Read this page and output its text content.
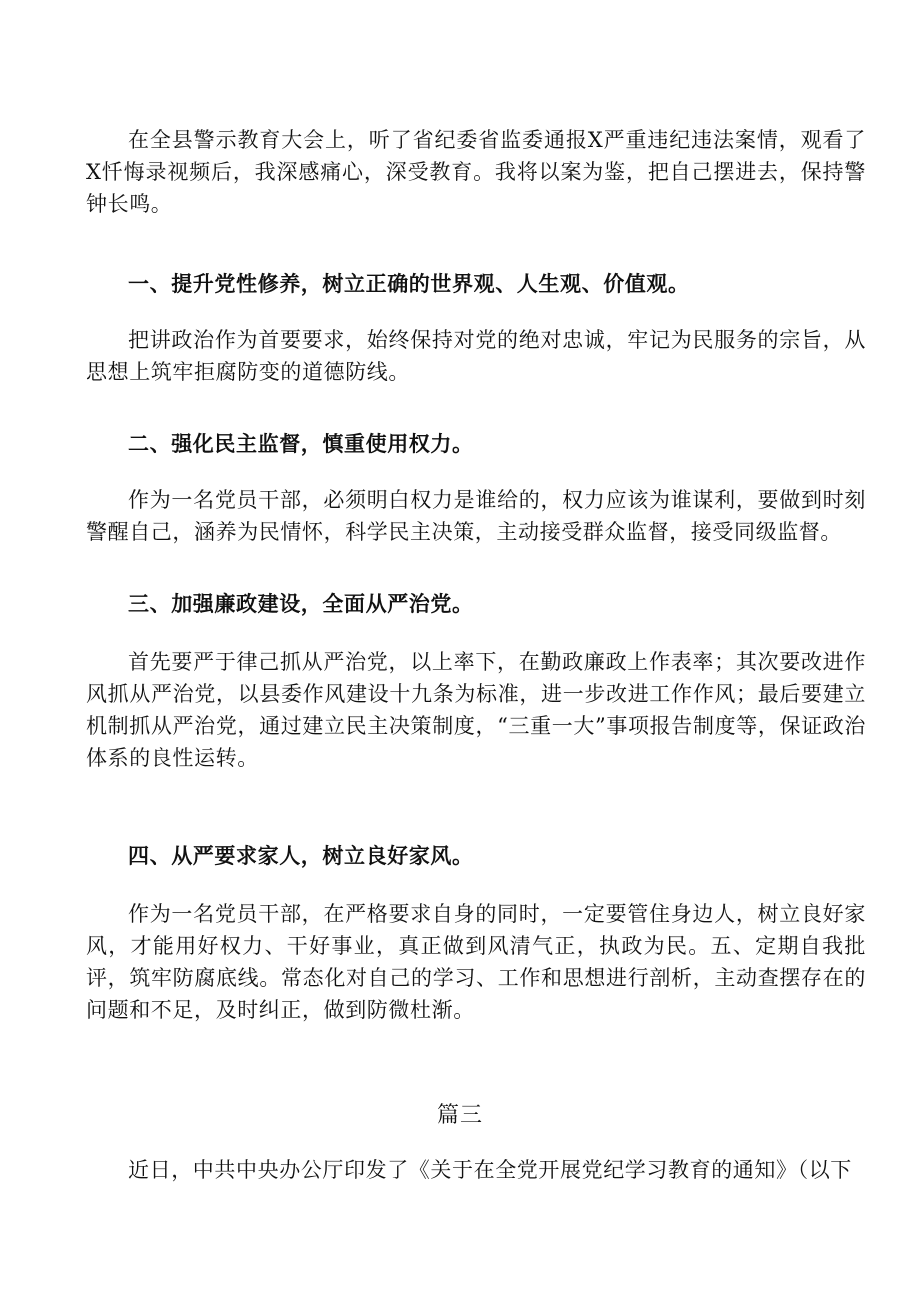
在全县警示教育大会上，听了省纪委省监委通报X严重违纪违法案情，观看了X忏悔录视频后，我深感痛心，深受教育。我将以案为鉴，把自己摆进去，保持警钟长鸣。

一、提升党性修养，树立正确的世界观、人生观、价值观。

把讲政治作为首要要求，始终保持对党的绝对忠诚，牢记为民服务的宗旨，从思想上筑牢拒腐防变的道德防线。

二、强化民主监督，慎重使用权力。

作为一名党员干部，必须明白权力是谁给的，权力应该为谁谋利，要做到时刻警醒自己，涵养为民情怀，科学民主决策，主动接受群众监督，接受同级监督。

三、加强廉政建设，全面从严治党。

首先要严于律己抓从严治党，以上率下，在勤政廉政上作表率；其次要改进作风抓从严治党，以县委作风建设十九条为标准，进一步改进工作作风；最后要建立机制抓从严治党，通过建立民主决策制度，“三重一大”事项报告制度等，保证政治体系的良性运转。

四、从严要求家人，树立良好家风。

作为一名党员干部，在严格要求自身的同时，一定要管住身边人，树立良好家风，才能用好权力、干好事业，真正做到风清气正，执政为民。五、定期自我批评，筑牢防腐底线。常态化对自己的学习、工作和思想进行剖析，主动查摆存在的问题和不足，及时纠正，做到防微杜渐。

篇三

近日，中共中央办公厅印发了《关于在全党开展党纪学习教育的通知》（以下
